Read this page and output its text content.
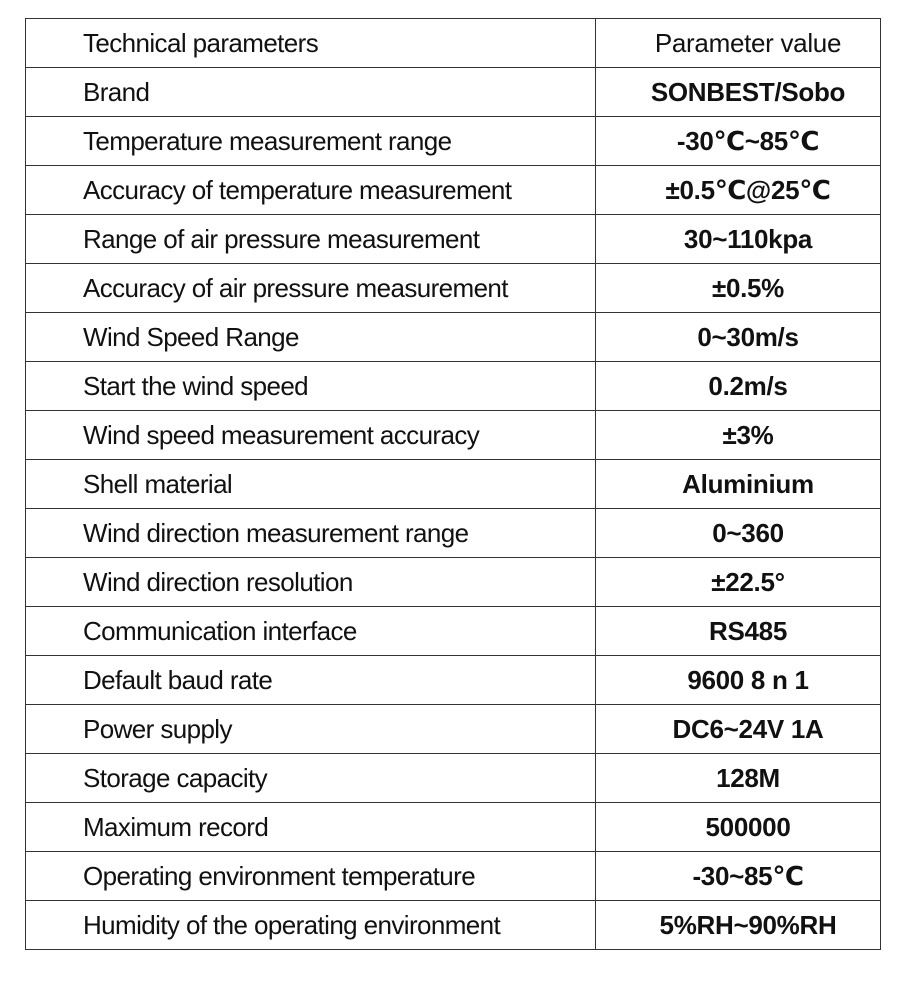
Technical parameters	Parameter value
Brand	SONBEST/Sobo
Temperature measurement range	-30℃~85℃
Accuracy of temperature measurement	±0.5℃@25℃
Range of air pressure measurement	30~110kpa
Accuracy of air pressure measurement	±0.5%
Wind Speed Range	0~30m/s
Start the wind speed	0.2m/s
Wind speed measurement accuracy	±3%
Shell material	Aluminium
Wind direction measurement range	0~360
Wind direction resolution	±22.5°
Communication interface	RS485
Default baud rate	9600 8 n 1
Power supply	DC6~24V 1A
Storage capacity	128M
Maximum record	500000
Operating environment temperature	-30~85℃
Humidity of the operating environment	5%RH~90%RH
